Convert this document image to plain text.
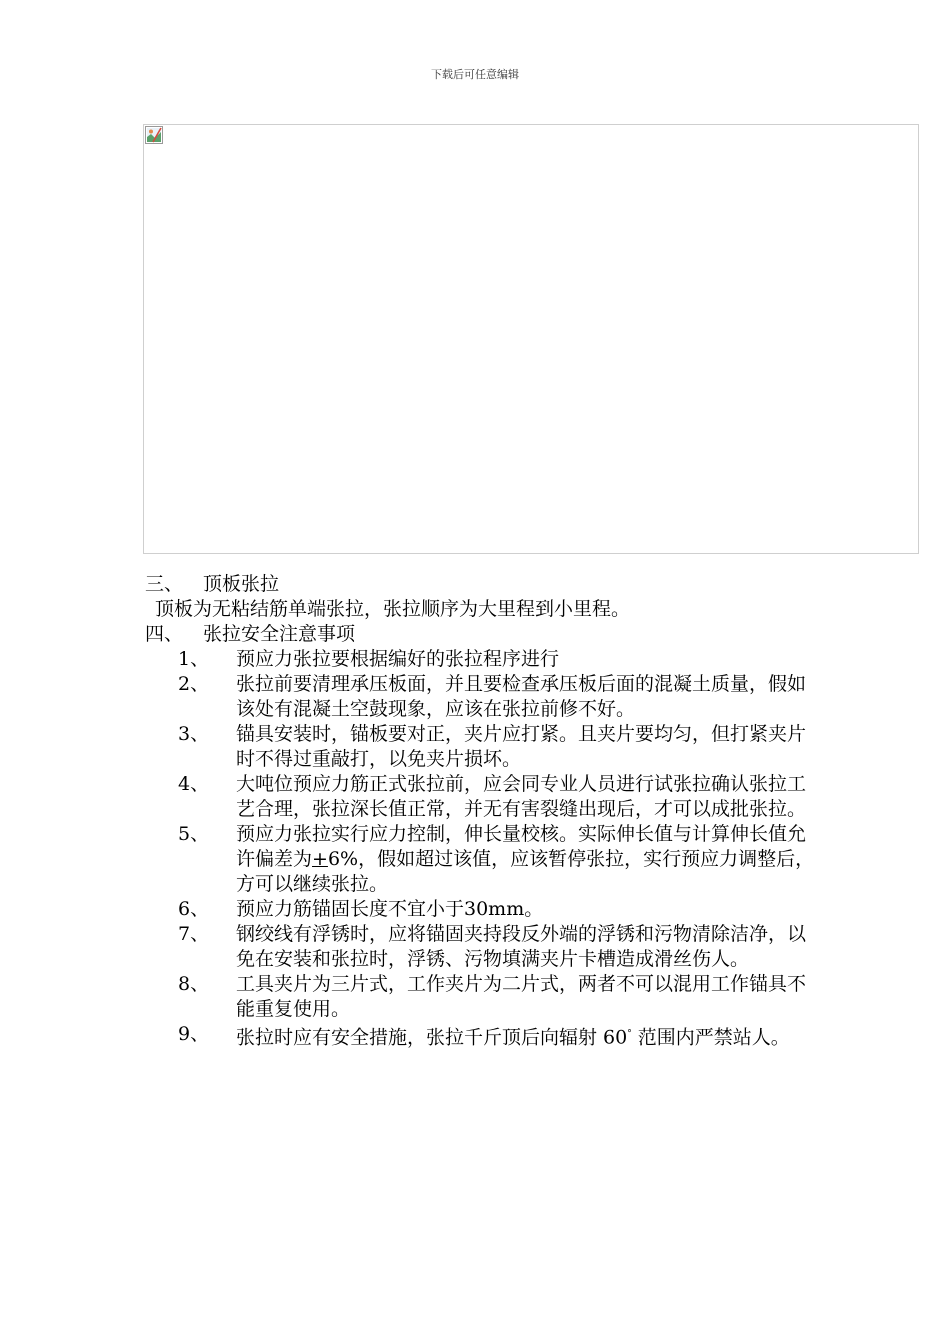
下载后可任意编辑
三、	顶板张拉

顶板为无粘结筋单端张拉，张拉顺序为大里程到小里程。

四、	张拉安全注意事项
1、	预应力张拉要根据编好的张拉程序进行
2、	张拉前要清理承压板面，并且要检查承压板后面的混凝土质量，假如该处有混凝土空鼓现象，应该在张拉前修不好。
3、	锚具安装时，锚板要对正，夹片应打紧。且夹片要均匀，但打紧夹片时不得过重敲打，以免夹片损坏。
4、	大吨位预应力筋正式张拉前，应会同专业人员进行试张拉确认张拉工艺合理，张拉深长值正常，并无有害裂缝出现后，才可以成批张拉。
5、	预应力张拉实行应力控制，伸长量校核。实际伸长值与计算伸长值允许偏差为+6%，假如超过该值，应该暂停张拉，实行预应力调整后，方可以继续张拉。
6、	预应力筋锚固长度不宜小于30mm。
7、	钢绞线有浮锈时，应将锚固夹持段反外端的浮锈和污物清除洁净，以免在安装和张拉时，浮锈、污物填满夹片卡槽造成滑丝伤人。
8、	工具夹片为三片式，工作夹片为二片式，两者不可以混用工作锚具不能重复使用。
9、	张拉时应有安全措施，张拉千斤顶后向辐射 60° 范围内严禁站人。
